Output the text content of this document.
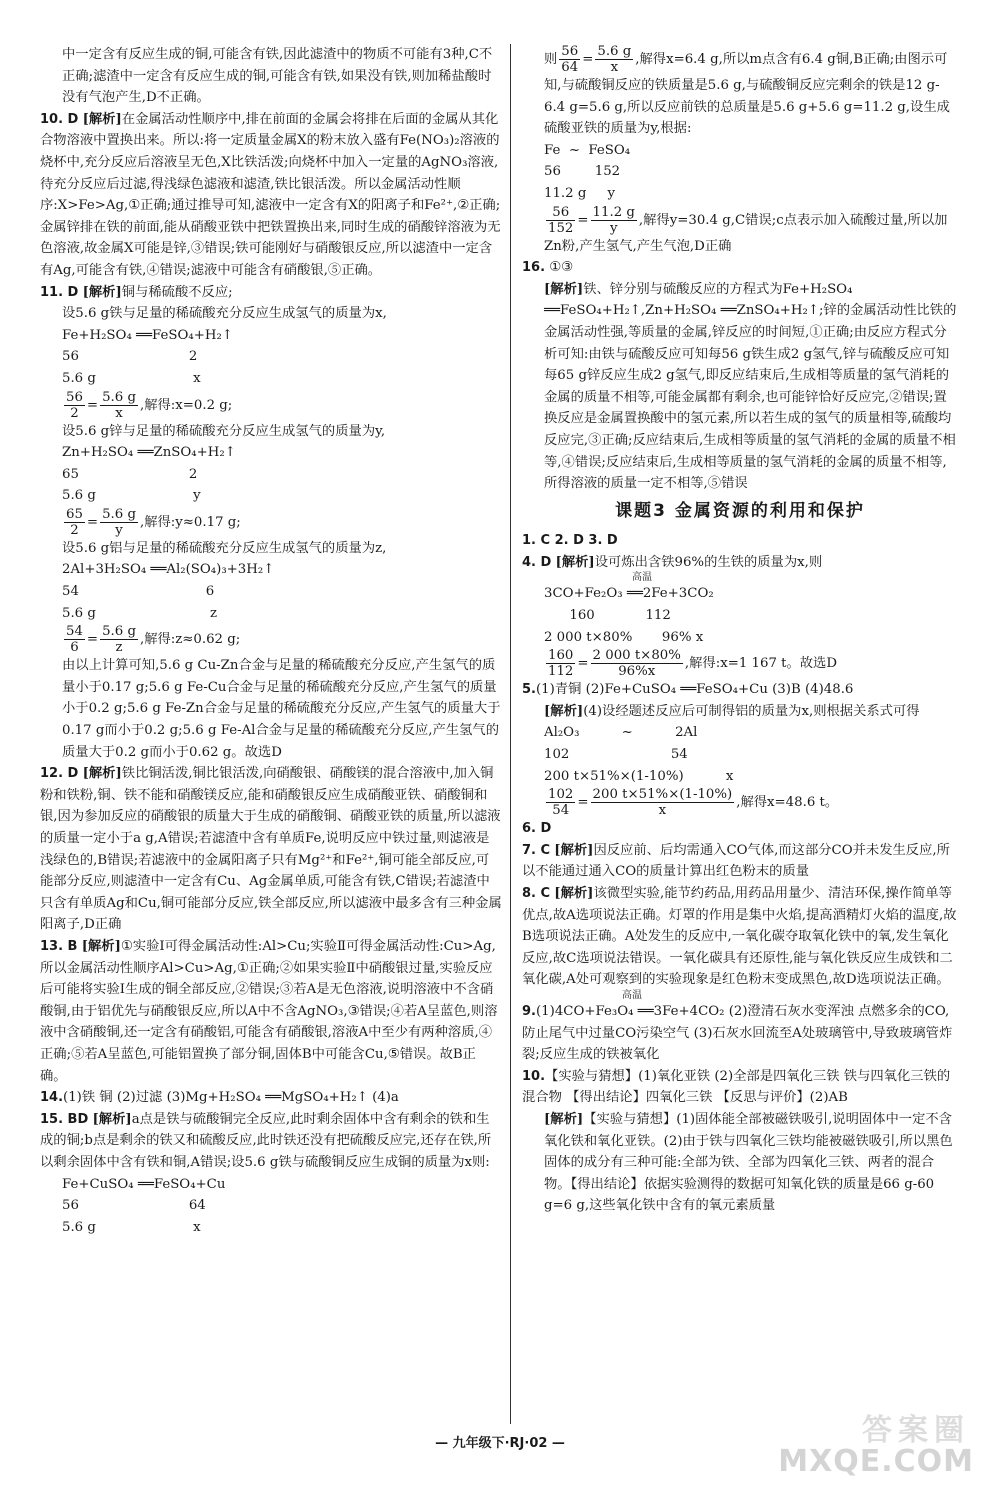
中一定含有反应生成的铜,可能含有铁,因此滤渣中的物质不可能有3种,C不正确;滤渣中一定含有反应生成的铜,可能含有铁,如果没有铁,则加稀盐酸时没有气泡产生,D不正确。

10. D [解析]在金属活动性顺序中,排在前面的金属会将排在后面的金属从其化合物溶液中置换出来。所以:将一定质量金属X的粉末放入盛有Fe(NO₃)₂溶液的烧杯中,充分反应后溶液呈无色,X比铁活泼;向烧杯中加入一定量的AgNO₃溶液,待充分反应后过滤,得浅绿色滤液和滤渣,铁比银活泼。所以金属活动性顺序:X>Fe>Ag,①正确;通过推导可知,滤液中一定含有X的阳离子和Fe²⁺,②正确;金属锌排在铁的前面,能从硝酸亚铁中把铁置换出来,同时生成的硝酸锌溶液为无色溶液,故金属X可能是锌,③错误;铁可能刚好与硝酸银反应,所以滤渣中一定含有Ag,可能含有铁,④错误;滤液中可能含有硝酸银,⑤正确。

11. D [解析]铜与稀硫酸不反应;

设5.6 g铁与足量的稀硫酸充分反应生成氢气的质量为x,

Fe+H₂SO₄ ══FeSO₄+H₂↑

56                          2

5.6 g                       x

$\frac{56}{2} = \frac{5.6 g}{x}$ ,解得:x=0.2 g;

设5.6 g锌与足量的稀硫酸充分反应生成氢气的质量为y,

Zn+H₂SO₄ ══ZnSO₄+H₂↑

65                          2

5.6 g                       y

$\frac{65}{2} = \frac{5.6 g}{y}$ ,解得:y≈0.17 g;

设5.6 g铝与足量的稀硫酸充分反应生成氢气的质量为z,

2Al+3H₂SO₄ ══Al₂(SO₄)₃+3H₂↑

54                              6

5.6 g                           z

$\frac{54}{6} = \frac{5.6 g}{z}$ ,解得:z≈0.62 g;

由以上计算可知,5.6 g Cu-Zn合金与足量的稀硫酸充分反应,产生氢气的质量小于0.17 g;5.6 g Fe-Cu合金与足量的稀硫酸充分反应,产生氢气的质量小于0.2 g;5.6 g Fe-Zn合金与足量的稀硫酸充分反应,产生氢气的质量大于0.17 g而小于0.2 g;5.6 g Fe-Al合金与足量的稀硫酸充分反应,产生氢气的质量大于0.2 g而小于0.62 g。故选D

12. D [解析]铁比铜活泼,铜比银活泼,向硝酸银、硝酸镁的混合溶液中,加入铜粉和铁粉,铜、铁不能和硝酸镁反应,能和硝酸银反应生成硝酸亚铁、硝酸铜和银,因为参加反应的硝酸银的质量大于生成的硝酸铜、硝酸亚铁的质量,所以滤液的质量一定小于a g,A错误;若滤渣中含有单质Fe,说明反应中铁过量,则滤液是浅绿色的,B错误;若滤液中的金属阳离子只有Mg²⁺和Fe²⁺,铜可能全部反应,可能部分反应,则滤渣中一定含有Cu、Ag金属单质,可能含有铁,C错误;若滤渣中只含有单质Ag和Cu,铜可能部分反应,铁全部反应,所以滤液中最多含有三种金属阳离子,D正确

13. B [解析]①实验Ⅰ可得金属活动性:Al>Cu;实验Ⅱ可得金属活动性:Cu>Ag,所以金属活动性顺序Al>Cu>Ag,①正确;②如果实验Ⅱ中硝酸银过量,实验反应后可能将实验Ⅰ生成的铜全部反应,②错误;③若A是无色溶液,说明溶液中不含硝酸铜,由于铝优先与硝酸银反应,所以A中不含AgNO₃,③错误;④若A呈蓝色,则溶液中含硝酸铜,还一定含有硝酸铝,可能含有硝酸银,溶液A中至少有两种溶质,④正确;⑤若A呈蓝色,可能铝置换了部分铜,固体B中可能含Cu,⑤错误。故B正确。

14.(1)铁 铜 (2)过滤 (3)Mg+H₂SO₄ ══MgSO₄+H₂↑ (4)a

15. BD [解析]a点是铁与硫酸铜完全反应,此时剩余固体中含有剩余的铁和生成的铜;b点是剩余的铁又和硫酸反应,此时铁还没有把硫酸反应完,还存在铁,所以剩余固体中含有铁和铜,A错误;设5.6 g铁与硫酸铜反应生成铜的质量为x则:

Fe+CuSO₄ ══FeSO₄+Cu

56                          64

5.6 g                       x

则 $\frac{56}{64} = \frac{5.6 g}{x}$ ,解得x=6.4 g,所以m点含有6.4 g铜,B正确;由图示可知,与硫酸铜反应的铁质量是5.6 g,与硫酸铜反应完剩余的铁是12 g-6.4 g=5.6 g,所以反应前铁的总质量是5.6 g+5.6 g=11.2 g,设生成硫酸亚铁的质量为y,根据:

Fe  ~  FeSO₄

56        152

11.2 g     y

$\frac{56}{152} = \frac{11.2 g}{y}$ ,解得y=30.4 g,C错误;c点表示加入硫酸过量,所以加Zn粉,产生氢气,产生气泡,D正确

16. ①③

[解析]铁、锌分别与硫酸反应的方程式为Fe+H₂SO₄ ══FeSO₄+H₂↑,Zn+H₂SO₄ ══ZnSO₄+H₂↑;锌的金属活动性比铁的金属活动性强,等质量的金属,锌反应的时间短,①正确;由反应方程式分析可知:由铁与硫酸反应可知每56 g铁生成2 g氢气,锌与硫酸反应可知每65 g锌反应生成2 g氢气,即反应结束后,生成相等质量的氢气消耗的金属的质量不相等,可能金属都有剩余,也可能锌恰好反应完,②错误;置换反应是金属置换酸中的氢元素,所以若生成的氢气的质量相等,硫酸均反应完,③正确;反应结束后,生成相等质量的氢气消耗的金属的质量不相等,④错误;反应结束后,生成相等质量的氢气消耗的金属的质量不相等,所得溶液的质量一定不相等,⑤错误

课题3 金属资源的利用和保护

1. C 2. D 3. D

4. D [解析]设可炼出含铁96%的生铁的质量为x,则

高温

3CO+Fe₂O₃ ══2Fe+3CO₂

160            112

2 000 t×80%       96% x

$\frac{160}{112} = \frac{2 000 t\times 80\%}{96\%x}$ ,解得:x=1 167 t。故选D

5.(1)青铜 (2)Fe+CuSO₄ ══FeSO₄+Cu (3)B (4)48.6

[解析](4)设经题述反应后可制得铝的质量为x,则根据关系式可得

Al₂O₃          ~          2Al

102                        54

200 t×51%×(1-10%)          x

$\frac{102}{54} = \frac{200 t\times 51\%\times(1-10\%)}{x}$ ,解得x=48.6 t。

6. D

7. C [解析]因反应前、后均需通入CO气体,而这部分CO并未发生反应,所以不能通过通入CO的质量计算出红色粉末的质量

8. C [解析]该微型实验,能节约药品,用药品用量少、清洁环保,操作简单等优点,故A选项说法正确。灯罩的作用是集中火焰,提高酒精灯火焰的温度,故B选项说法正确。A处发生的反应中,一氧化碳夺取氧化铁中的氧,发生氧化反应,故C选项说法错误。一氧化碳具有还原性,能与氧化铁反应生成铁和二氧化碳,A处可观察到的实验现象是红色粉末变成黑色,故D选项说法正确。

高温

9.(1)4CO+Fe₃O₄ ══3Fe+4CO₂ (2)澄清石灰水变浑浊 点燃多余的CO,防止尾气中过量CO污染空气 (3)石灰水回流至A处玻璃管中,导致玻璃管炸裂;反应生成的铁被氧化

10.【实验与猜想】(1)氧化亚铁 (2)全部是四氧化三铁 铁与四氧化三铁的混合物 【得出结论】四氧化三铁 【反思与评价】(2)AB

[解析]【实验与猜想】(1)固体能全部被磁铁吸引,说明固体中一定不含氧化铁和氧化亚铁。(2)由于铁与四氧化三铁均能被磁铁吸引,所以黑色固体的成分有三种可能:全部为铁、全部为四氧化三铁、两者的混合物。【得出结论】依据实验测得的数据可知氧化铁的质量是66 g-60 g=6 g,这些氧化铁中含有的氧元素质量

— 九年级下·RJ·02 —	答案圈
MXQE.COM
